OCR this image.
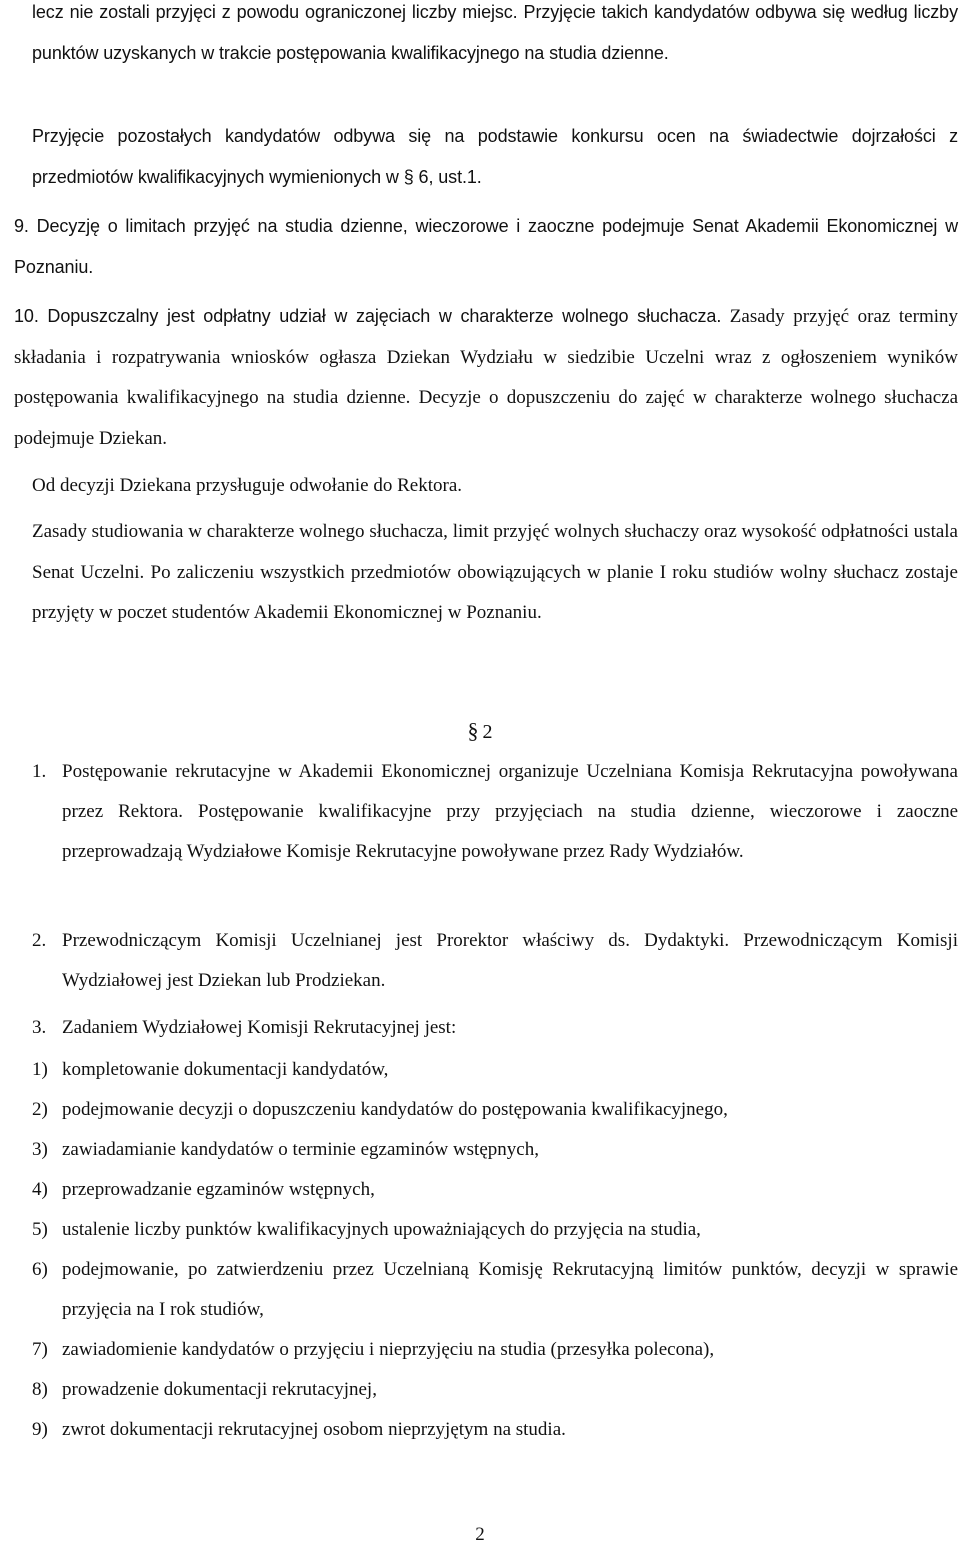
lecz nie zostali przyjęci z powodu ograniczonej liczby miejsc. Przyjęcie takich kandydatów odbywa się według liczby punktów uzyskanych w trakcie postępowania kwalifikacyjnego na studia dzienne.
Przyjęcie pozostałych kandydatów odbywa się na podstawie konkursu ocen na świadectwie dojrzałości z przedmiotów kwalifikacyjnych wymienionych w § 6, ust.1.
9. Decyzję o limitach przyjęć na studia dzienne, wieczorowe i zaoczne podejmuje Senat Akademii Ekonomicznej w Poznaniu.
10. Dopuszczalny jest odpłatny udział w zajęciach w charakterze wolnego słuchacza. Zasady przyjęć oraz terminy składania i rozpatrywania wniosków ogłasza Dziekan Wydziału w siedzibie Uczelni wraz z ogłoszeniem wyników postępowania kwalifikacyjnego na studia dzienne. Decyzje o dopuszczeniu do zajęć w charakterze wolnego słuchacza podejmuje Dziekan.
Od decyzji Dziekana przysługuje odwołanie do Rektora.
Zasady studiowania w charakterze wolnego słuchacza, limit przyjęć wolnych słuchaczy oraz wysokość odpłatności ustala Senat Uczelni. Po zaliczeniu wszystkich przedmiotów obowiązujących w planie I roku studiów wolny słuchacz zostaje przyjęty w poczet studentów Akademii Ekonomicznej w Poznaniu.
§ 2
1. Postępowanie rekrutacyjne w Akademii Ekonomicznej organizuje Uczelniana Komisja Rekrutacyjna powoływana przez Rektora. Postępowanie kwalifikacyjne przy przyjęciach na studia dzienne, wieczorowe i zaoczne przeprowadzają Wydziałowe Komisje Rekrutacyjne powoływane przez Rady Wydziałów.
2. Przewodniczącym Komisji Uczelnianej jest Prorektor właściwy ds. Dydaktyki. Przewodniczącym Komisji Wydziałowej jest Dziekan lub Prodziekan.
3. Zadaniem Wydziałowej Komisji Rekrutacyjnej jest:
1) kompletowanie dokumentacji kandydatów,
2) podejmowanie decyzji o dopuszczeniu kandydatów do postępowania kwalifikacyjnego,
3) zawiadamianie kandydatów o terminie egzaminów wstępnych,
4) przeprowadzanie egzaminów wstępnych,
5) ustalenie liczby punktów kwalifikacyjnych upoważniających do przyjęcia na studia,
6) podejmowanie, po zatwierdzeniu przez Uczelnianą Komisję Rekrutacyjną limitów punktów, decyzji w sprawie przyjęcia na I rok studiów,
7) zawiadomienie kandydatów o przyjęciu i nieprzyjęciu na studia (przesyłka polecona),
8) prowadzenie dokumentacji rekrutacyjnej,
9) zwrot dokumentacji rekrutacyjnej osobom nieprzyjętym na studia.
2
